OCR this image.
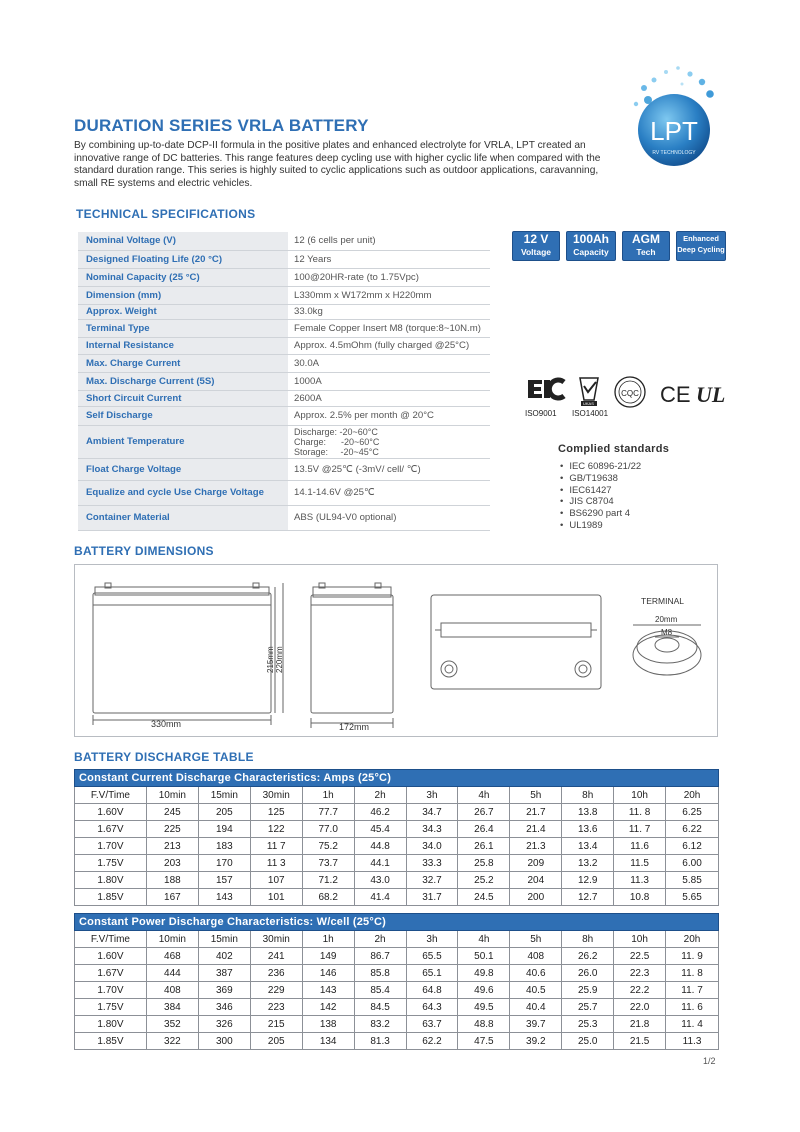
LPT
RV TECHNOLOGY
DURATION SERIES VRLA BATTERY
By combining up-to-date DCP-II formula in the positive plates and enhanced electrolyte for VRLA, LPT created an innovative range of DC batteries. This range features deep cycling use with higher cyclic life when compared with the standard duration range. This series is highly suited to cyclic applications such as outdoor applications, caravanning, small RE systems and electric vehicles.
TECHNICAL SPECIFICATIONS
Nominal Voltage (V)	12 (6 cells per unit)
Designed Floating Life (20 °C)	12 Years
Nominal Capacity (25 °C)	100@20HR-rate (to 1.75Vpc)
Dimension (mm)	L330mm x W172mm x H220mm
Approx. Weight	33.0kg
Terminal Type	Female Copper Insert M8 (torque:8~10N.m)
Internal Resistance	Approx. 4.5mOhm (fully charged @25°C)
Max. Charge Current	30.0A
Max. Discharge Current (5S)	1000A
Short Circuit Current	2600A
Self Discharge	Approx. 2.5% per month @ 20°C
Ambient Temperature	Discharge: -20~60°C
Charge:      -20~60°C
Storage:     -20~45°C
Float Charge Voltage	13.5V @25℃ (-3mV/ cell/ ℃)
Equalize and cycle Use Charge Voltage	14.1-14.6V @25℃
Container Material	ABS (UL94-V0 optional)
12 V
Voltage
100Ah
Capacity
AGM
Tech
Enhanced
Deep Cycling
ISO9001
UKAS
ISO14001
CQC CE UL
Complied standards
• IEC 60896-21/22
• GB/T19638
• IEC61427
• JIS C8704
• BS6290 part 4
• UL1989
BATTERY DIMENSIONS
330mm
215mm 220mm
172mm
TERMINAL
20mm
M8
BATTERY DISCHARGE TABLE
Constant Current Discharge Characteristics: Amps (25°C)											
F.V/Time	10min	15min	30min	1h	2h	3h	4h	5h	8h	10h	20h
1.60V	245	205	125	77.7	46.2	34.7	26.7	21.7	13.8	11. 8	6.25
1.67V	225	194	122	77.0	45.4	34.3	26.4	21.4	13.6	11. 7	6.22
1.70V	213	183	11 7	75.2	44.8	34.0	26.1	21.3	13.4	11.6	6.12
1.75V	203	170	11 3	73.7	44.1	33.3	25.8	209	13.2	11.5	6.00
1.80V	188	157	107	71.2	43.0	32.7	25.2	204	12.9	11.3	5.85
1.85V	167	143	101	68.2	41.4	31.7	24.5	200	12.7	10.8	5.65
Constant Power Discharge Characteristics: W/cell (25°C)											
F.V/Time	10min	15min	30min	1h	2h	3h	4h	5h	8h	10h	20h
1.60V	468	402	241	149	86.7	65.5	50.1	408	26.2	22.5	11. 9
1.67V	444	387	236	146	85.8	65.1	49.8	40.6	26.0	22.3	11. 8
1.70V	408	369	229	143	85.4	64.8	49.6	40.5	25.9	22.2	11. 7
1.75V	384	346	223	142	84.5	64.3	49.5	40.4	25.7	22.0	11. 6
1.80V	352	326	215	138	83.2	63.7	48.8	39.7	25.3	21.8	11. 4
1.85V	322	300	205	134	81.3	62.2	47.5	39.2	25.0	21.5	11.3
1/2
